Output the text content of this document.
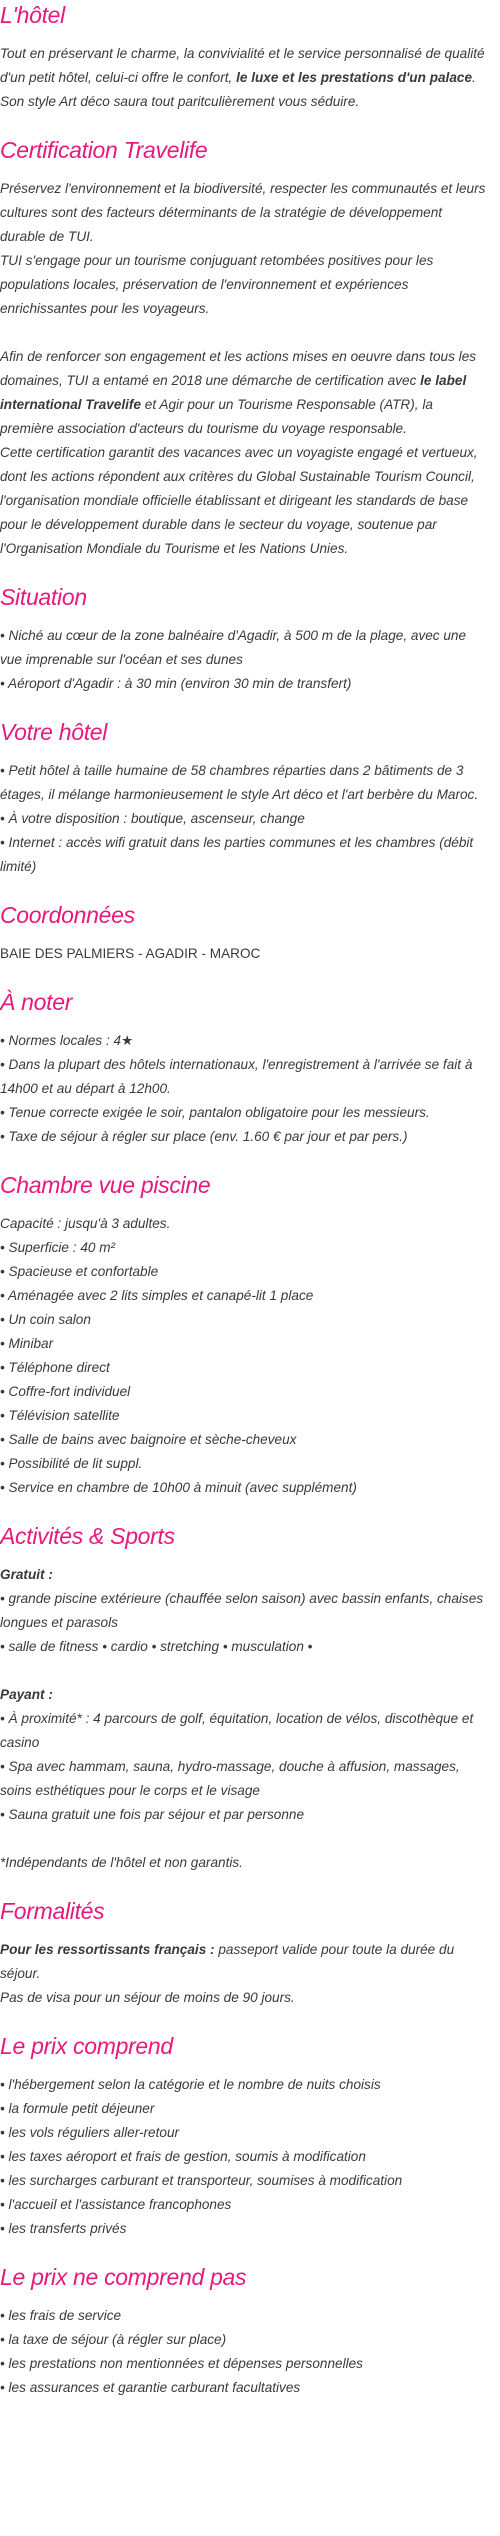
L'hôtel

Tout en préservant le charme, la convivialité et le service personnalisé de qualité d'un petit hôtel, celui-ci offre le confort, le luxe et les prestations d'un palace. Son style Art déco saura tout paritculièrement vous séduire.

Certification Travelife

Préservez l'environnement et la biodiversité, respecter les communautés et leurs cultures sont des facteurs déterminants de la stratégie de développement durable de TUI.

TUI s'engage pour un tourisme conjuguant retombées positives pour les populations locales, préservation de l'environnement et expériences enrichissantes pour les voyageurs.

Afin de renforcer son engagement et les actions mises en oeuvre dans tous les domaines, TUI a entamé en 2018 une démarche de certification avec le label international Travelife et Agir pour un Tourisme Responsable (ATR), la première association d'acteurs du tourisme du voyage responsable.

Cette certification garantit des vacances avec un voyagiste engagé et vertueux, dont les actions répondent aux critères du Global Sustainable Tourism Council, l'organisation mondiale officielle établissant et dirigeant les standards de base pour le développement durable dans le secteur du voyage, soutenue par l'Organisation Mondiale du Tourisme et les Nations Unies.

Situation

• Niché au cœur de la zone balnéaire d'Agadir, à 500 m de la plage, avec une vue imprenable sur l'océan et ses dunes

• Aéroport d'Agadir : à 30 min (environ 30 min de transfert)

Votre hôtel

• Petit hôtel à taille humaine de 58 chambres réparties dans 2 bâtiments de 3 étages, il mélange harmonieusement le style Art déco et l'art berbère du Maroc.

• À votre disposition : boutique, ascenseur, change

• Internet : accès wifi gratuit dans les parties communes et les chambres (débit limité)

Coordonnées

BAIE DES PALMIERS - AGADIR - MAROC

À noter

• Normes locales : 4★

• Dans la plupart des hôtels internationaux, l'enregistrement à l'arrivée se fait à 14h00 et au départ à 12h00.

• Tenue correcte exigée le soir, pantalon obligatoire pour les messieurs.

• Taxe de séjour à régler sur place (env. 1.60 € par jour et par pers.)

Chambre vue piscine

Capacité : jusqu'à 3 adultes.

• Superficie : 40 m²

• Spacieuse et confortable

• Aménagée avec 2 lits simples et canapé-lit 1 place

• Un coin salon

• Minibar

• Téléphone direct

• Coffre-fort individuel

• Télévision satellite

• Salle de bains avec baignoire et sèche-cheveux

• Possibilité de lit suppl.

• Service en chambre de 10h00 à minuit (avec supplément)

Activités & Sports

Gratuit :

• grande piscine extérieure (chauffée selon saison) avec bassin enfants, chaises longues et parasols

• salle de fitness • cardio • stretching • musculation •

Payant :

• À proximité* : 4 parcours de golf, équitation, location de vélos, discothèque et casino

• Spa avec hammam, sauna, hydro-massage, douche à affusion, massages, soins esthétiques pour le corps et le visage

• Sauna gratuit une fois par séjour et par personne

*Indépendants de l'hôtel et non garantis.

Formalités

Pour les ressortissants français : passeport valide pour toute la durée du séjour.

Pas de visa pour un séjour de moins de 90 jours.

Le prix comprend

• l'hébergement selon la catégorie et le nombre de nuits choisis

• la formule petit déjeuner

• les vols réguliers aller-retour

• les taxes aéroport et frais de gestion, soumis à modification

• les surcharges carburant et transporteur, soumises à modification

• l'accueil et l'assistance francophones

• les transferts privés

Le prix ne comprend pas

• les frais de service

• la taxe de séjour (à régler sur place)

• les prestations non mentionnées et dépenses personnelles

• les assurances et garantie carburant facultatives
